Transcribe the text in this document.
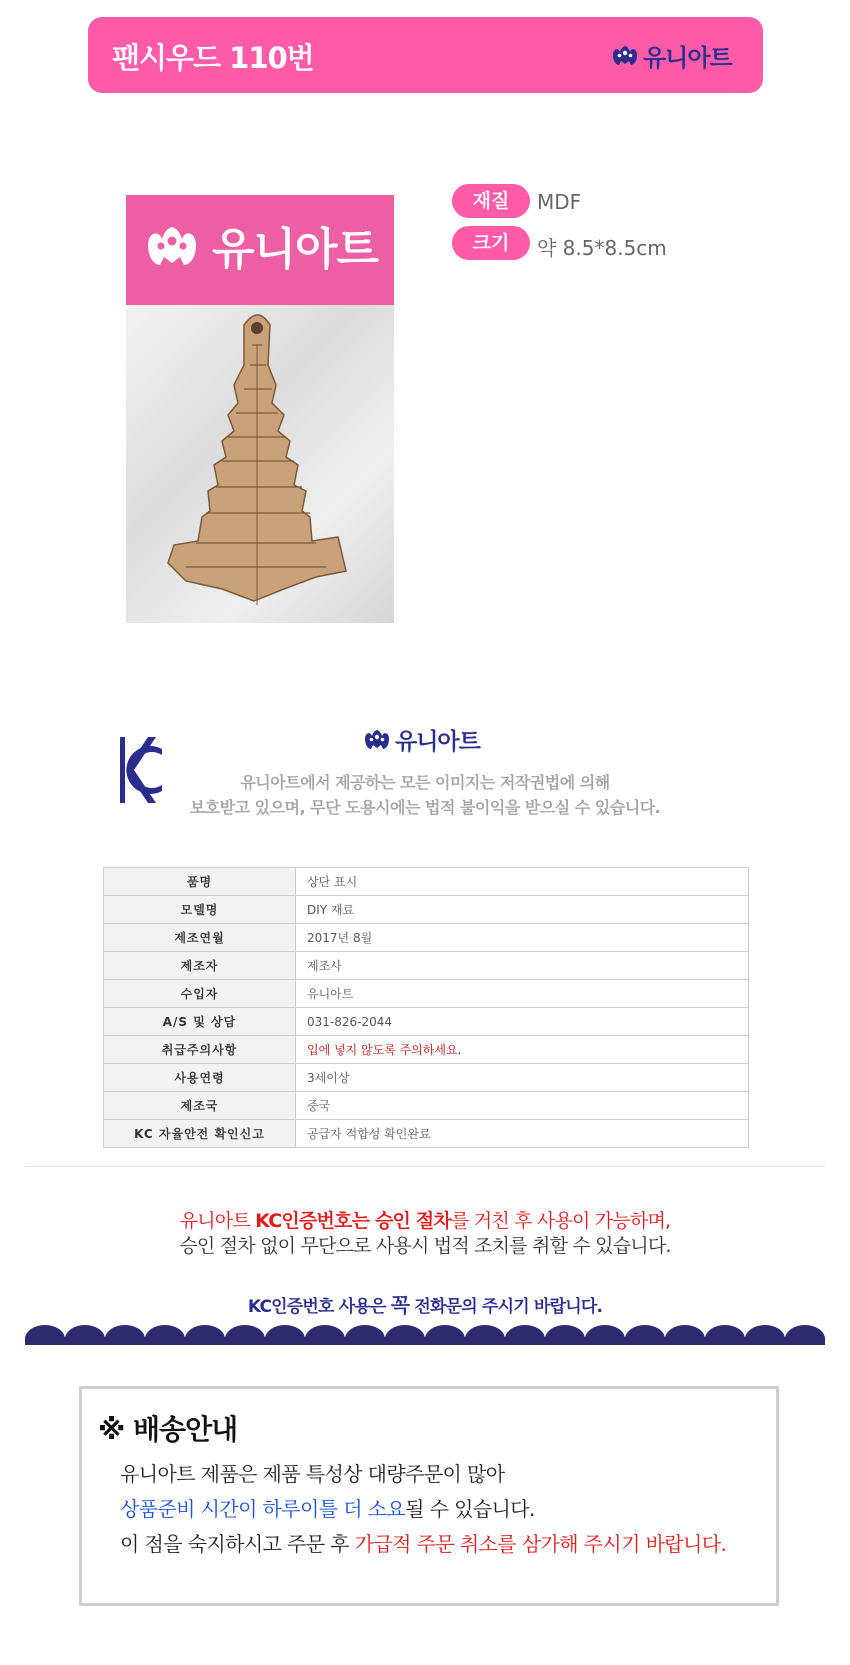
팬시우드 110번	유니아트
유니아트
재질	MDF
크기	약 8.5*8.5cm
유니아트
유니아트에서 제공하는 모든 이미지는 저작권법에 의해
보호받고 있으며, 무단 도용시에는 법적 불이익을 받으실 수 있습니다.
품명	상단 표시
모델명	DIY 재료
제조연월	2017년 8월
제조자	제조사
수입자	유니아트
A/S 및 상담	031-826-2044
취급주의사항	입에 넣지 않도록 주의하세요.
사용연령	3세이상
제조국	중국
KC 자율안전 확인신고	공급자 적합성 확인완료
유니아트 KC인증번호는 승인 절차를 거친 후 사용이 가능하며,
승인 절차 없이 무단으로 사용시 법적 조치를 취할 수 있습니다.
KC인증번호 사용은 꼭 전화문의 주시기 바랍니다.
※ 배송안내
유니아트 제품은 제품 특성상 대량주문이 많아
상품준비 시간이 하루이틀 더 소요될 수 있습니다.
이 점을 숙지하시고 주문 후 가급적 주문 취소를 삼가해 주시기 바랍니다.
